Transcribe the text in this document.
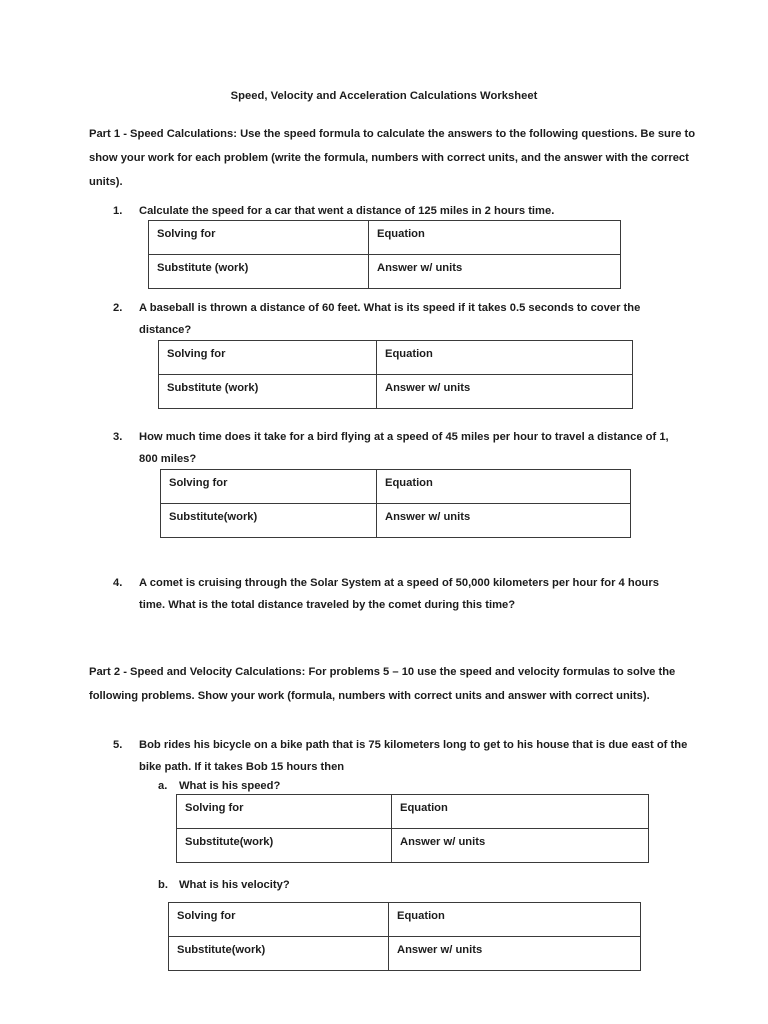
Speed, Velocity and Acceleration Calculations Worksheet
Part 1 - Speed Calculations: Use the speed formula to calculate the answers to the following questions. Be sure to show your work for each problem (write the formula, numbers with correct units, and the answer with the correct units).
1.	Calculate the speed for a car that went a distance of 125 miles in 2 hours time.
Solving for	Equation
Substitute (work)	Answer w/ units
2.	A baseball is thrown a distance of 60 feet. What is its speed if it takes 0.5 seconds to cover the distance?
Solving for	Equation
Substitute (work)	Answer w/ units
3.	How much time does it take for a bird flying at a speed of 45 miles per hour to travel a distance of 1, 800 miles?
Solving for	Equation
Substitute(work)	Answer w/ units
4.	A comet is cruising through the Solar System at a speed of 50,000 kilometers per hour for 4 hours time. What is the total distance traveled by the comet during this time?
Part 2 - Speed and Velocity Calculations: For problems 5 – 10 use the speed and velocity formulas to solve the following problems. Show your work (formula, numbers with correct units and answer with correct units).
5.	Bob rides his bicycle on a bike path that is 75 kilometers long to get to his house that is due east of the bike path. If it takes Bob 15 hours then
a.	What is his speed?
Solving for	Equation
Substitute(work)	Answer w/ units
b. What is his velocity?
Solving for	Equation
Substitute(work)	Answer w/ units
